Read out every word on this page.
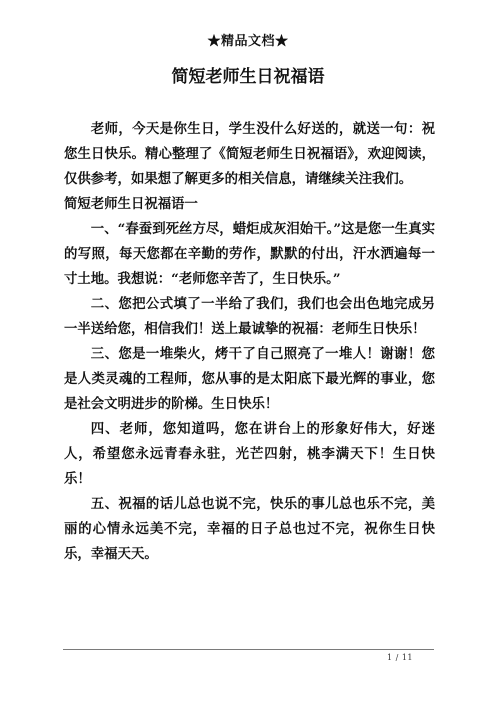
★精品文档★
简短老师生日祝福语

老师，今天是你生日，学生没什么好送的，就送一句：祝您生日快乐。精心整理了《简短老师生日祝福语》，欢迎阅读，仅供参考，如果想了解更多的相关信息，请继续关注我们。

简短老师生日祝福语一

一、“春蚕到死丝方尽，蜡炬成灰泪始干。”这是您一生真实的写照，每天您都在辛勤的劳作，默默的付出，汗水洒遍每一寸土地。我想说：“老师您辛苦了，生日快乐。”

二、您把公式填了一半给了我们，我们也会出色地完成另一半送给您，相信我们！送上最诚挚的祝福：老师生日快乐！

三、您是一堆柴火，烤干了自己照亮了一堆人！谢谢！您是人类灵魂的工程师，您从事的是太阳底下最光辉的事业，您是社会文明进步的阶梯。生日快乐！

四、老师，您知道吗，您在讲台上的形象好伟大，好迷人，希望您永远青春永驻，光芒四射，桃李满天下！生日快乐！

五、祝福的话儿总也说不完，快乐的事儿总也乐不完，美丽的心情永远美不完，幸福的日子总也过不完，祝你生日快乐，幸福天天。

1 / 11
